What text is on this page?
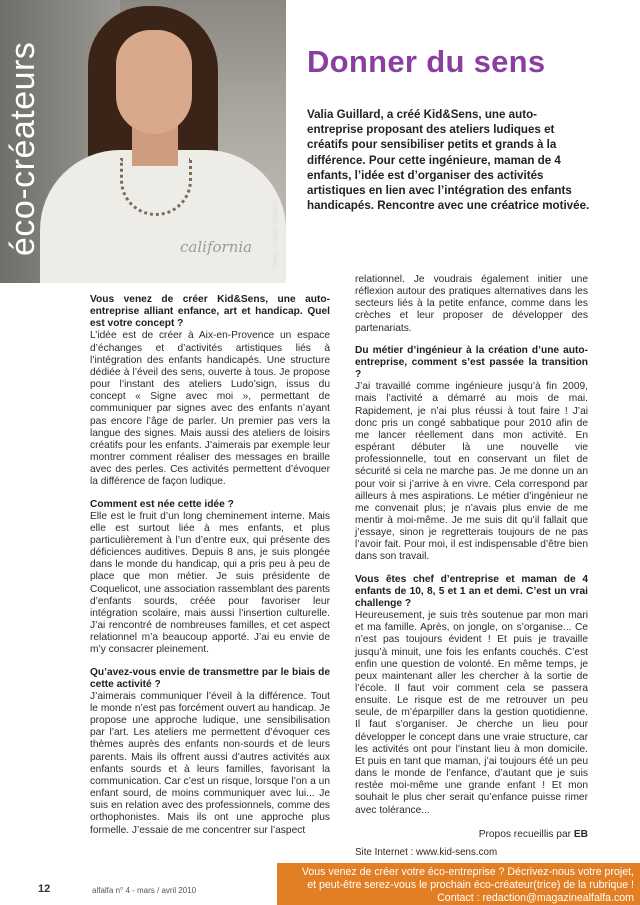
california	Photo : Gaëtan Guillard
éco-créateurs	Donner du sens

Valia Guillard, a créé Kid&Sens, une auto-entreprise proposant des ateliers ludiques et créatifs pour sensibiliser petits et grands à la différence. Pour cette ingénieure, maman de 4 enfants, l’idée est d’organiser des activités artistiques en lien avec l’intégration des enfants handicapés. Rencontre avec une créatrice motivée.

Vous venez de créer Kid&Sens, une auto-entreprise alliant enfance, art et handicap. Quel est votre concept ?

L’idée est de créer à Aix-en-Provence un espace d’échanges et d’activités artistiques liés à l’intégration des enfants handicapés. Une structure dédiée à l’éveil des sens, ouverte à tous. Je propose pour l’instant des ateliers Ludo’sign, issus du concept « Signe avec moi », permettant de communiquer par signes avec des enfants n’ayant pas encore l’âge de parler. Un premier pas vers la langue des signes. Mais aussi des ateliers de loisirs créatifs pour les enfants. J’aimerais par exemple leur montrer comment réaliser des messages en braille avec des perles. Ces activités permettent d’évoquer la différence de façon ludique.

Comment est née cette idée ?

Elle est le fruit d’un long cheminement interne. Mais elle est surtout liée à mes enfants, et plus particulièrement à l’un d’entre eux, qui présente des déficiences auditives. Depuis 8 ans, je suis plongée dans le monde du handicap, qui a pris peu à peu de place que mon métier. Je suis présidente de Coquelicot, une association rassemblant des parents d’enfants sourds, créée pour favoriser leur intégration scolaire, mais aussi l’insertion culturelle. J’ai rencontré de nombreuses familles, et cet aspect relationnel m’a beaucoup apporté. J’ai eu envie de m’y consacrer pleinement.

Qu’avez-vous envie de transmettre par le biais de cette activité ?

J’aimerais communiquer l’éveil à la différence. Tout le monde n’est pas forcément ouvert au handicap. Je propose une approche ludique, une sensibilisation par l’art. Les ateliers me permettent d’évoquer ces thèmes auprès des enfants non-sourds et de leurs parents. Mais ils offrent aussi d’autres activités aux enfants sourds et à leurs familles, favorisant la communication. Car c’est un risque, lorsque l’on a un enfant sourd, de moins communiquer avec lui... Je suis en relation avec des professionnels, comme des orthophonistes. Mais ils ont une approche plus formelle. J’essaie de me concentrer sur l’aspect

relationnel. Je voudrais également initier une réflexion autour des pratiques alternatives dans les secteurs liés à la petite enfance, comme dans les crèches et leur proposer de développer des partenariats.

Du métier d’ingénieur à la création d’une auto-entreprise, comment s’est passée la transition ?

J’ai travaillé comme ingénieure jusqu’à fin 2009, mais l’activité a démarré au mois de mai. Rapidement, je n’ai plus réussi à tout faire ! J’ai donc pris un congé sabbatique pour 2010 afin de me lancer réellement dans mon activité. En espérant débuter là une nouvelle vie professionnelle, tout en conservant un filet de sécurité si cela ne marche pas. Je me donne un an pour voir si j’arrive à en vivre. Cela correspond par ailleurs à mes aspirations. Le métier d’ingénieur ne me convenait plus; je n’avais plus envie de me mentir à moi-même. Je me suis dit qu’il fallait que j’essaye, sinon je regretterais toujours de ne pas l’avoir fait. Pour moi, il est indispensable d’être bien dans son travail.

Vous êtes chef d’entreprise et maman de 4 enfants de 10, 8, 5 et 1 an et demi. C’est un vrai challenge ?

Heureusement, je suis très soutenue par mon mari et ma famille. Après, on jongle, on s’organise... Ce n’est pas toujours évident ! Et puis je travaille jusqu’à minuit, une fois les enfants couchés. C’est enfin une question de volonté. En même temps, je peux maintenant aller les chercher à la sortie de l’école. Il faut voir comment cela se passera ensuite. Le risque est de me retrouver un peu seule, de m’éparpiller dans la gestion quotidienne. Il faut s’organiser. Je cherche un lieu pour développer le concept dans une vraie structure, car les activités ont pour l’instant lieu à mon domicile. Et puis en tant que maman, j’ai toujours été un peu dans le monde de l’enfance, d’autant que je suis restée moi-même une grande enfant ! Et mon souhait le plus cher serait qu’enfance puisse rimer avec tolérance...

Propos recueillis par EB

Site Internet : www.kid-sens.com

12	alfalfa n° 4 - mars / avril 2010
Vous venez de créer votre éco-entreprise ? Décrivez-nous votre projet,
et peut-être serez-vous le prochain éco-créateur(trice) de la rubrique !
Contact : redaction@magazinealfalfa.com
